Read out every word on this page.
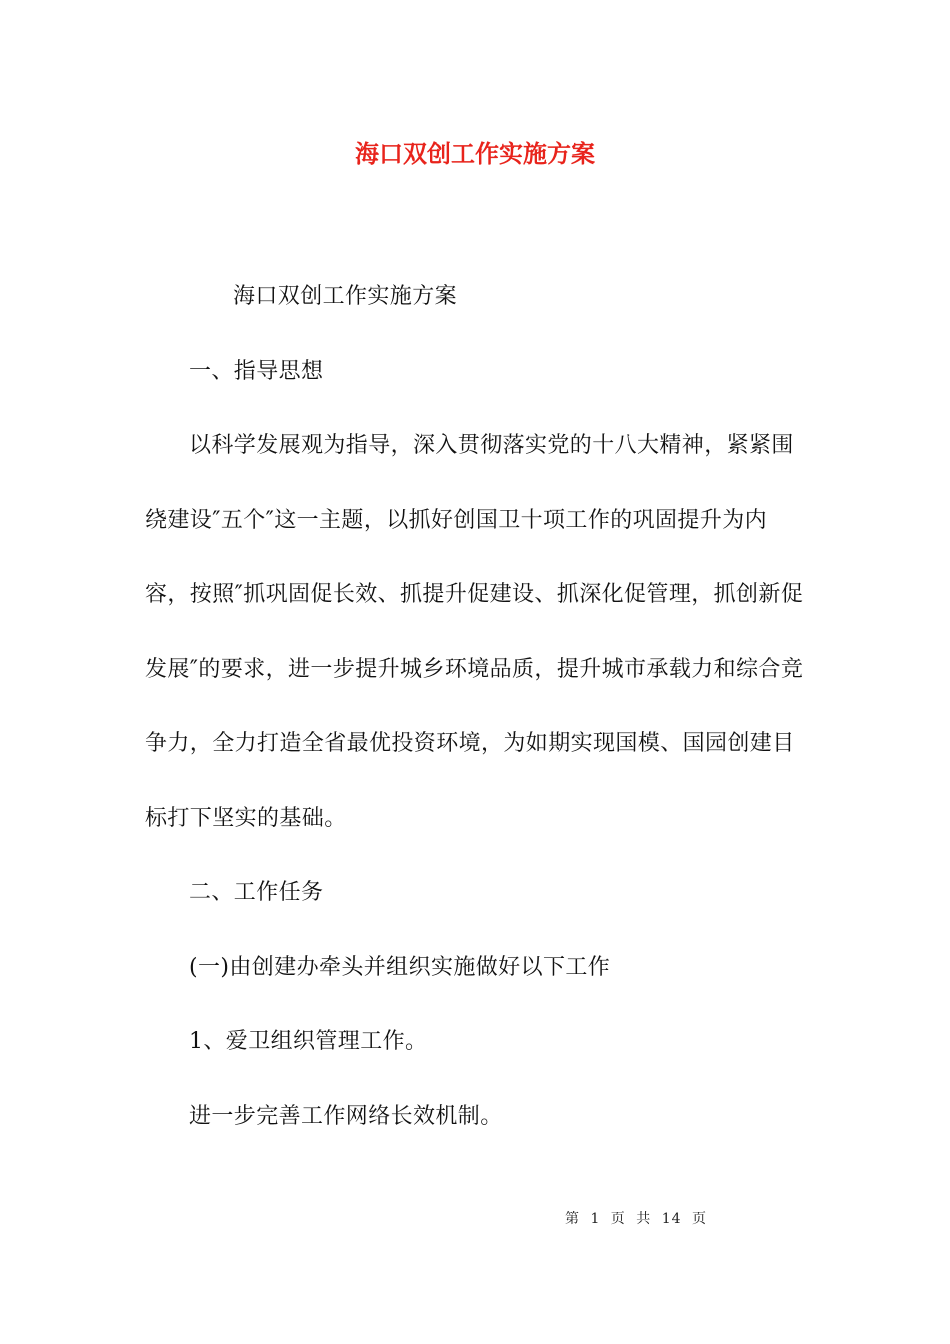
海口双创工作实施方案

海口双创工作实施方案

一、指导思想

以科学发展观为指导，深入贯彻落实党的十八大精神，紧紧围绕建设″五个″这一主题，以抓好创国卫十项工作的巩固提升为内容，按照″抓巩固促长效、抓提升促建设、抓深化促管理，抓创新促发展″的要求，进一步提升城乡环境品质，提升城市承载力和综合竞争力，全力打造全省最优投资环境，为如期实现国模、国园创建目标打下坚实的基础。

二、工作任务

(一)由创建办牵头并组织实施做好以下工作

1、爱卫组织管理工作。

进一步完善工作网络长效机制。

第 1 页 共 14 页
